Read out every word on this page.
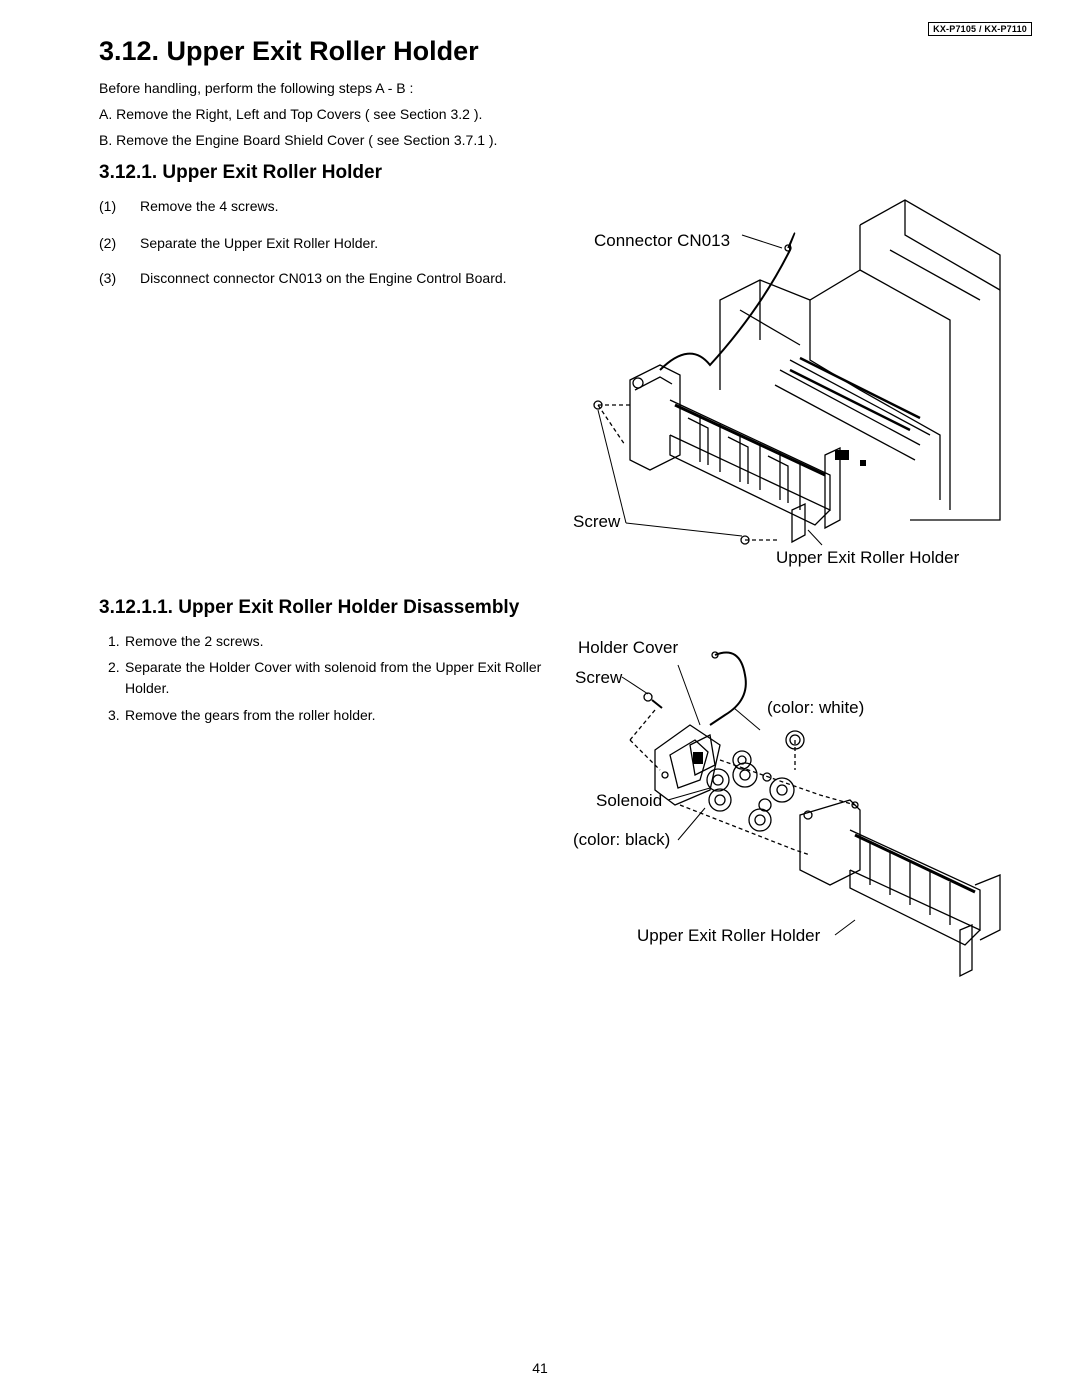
KX-P7105 / KX-P7110
3.12. Upper Exit Roller Holder
Before handling, perform the following steps A - B :
A. Remove the Right, Left and Top Covers ( see Section 3.2 ).
B. Remove the Engine Board Shield Cover ( see Section 3.7.1 ).
3.12.1. Upper Exit Roller Holder
(1) Remove the 4 screws.
(2) Separate the Upper Exit Roller Holder.
(3) Disconnect connector CN013 on the Engine Control Board.
Connector CN013
Screw
Upper Exit Roller Holder
3.12.1.1. Upper Exit Roller Holder Disassembly
1. Remove the 2 screws.
2. Separate the Holder Cover with solenoid from the Upper Exit Roller Holder.
3. Remove the gears from the roller holder.
Holder Cover
Screw
(color: white)
Solenoid
(color: black)
Upper Exit Roller Holder
41
